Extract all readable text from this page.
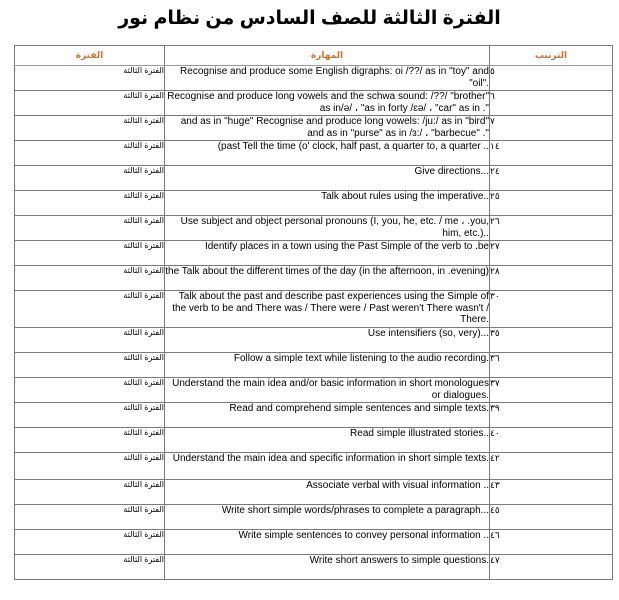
الفترة الثالثة للصف السادس من نظام نور
الفترة	المهارة	الترتيب
الفترة الثالثة	Recognise and produce some English digraphs: oi /??/ as in "toy" and "oil".	٥
الفترة الثالثة	Recognise and produce long vowels and the schwa sound: /??/ "brother" as in/ə/ ، "as in forty /ɛə/ ، "car" as in ."	٦
الفترة الثالثة	and as in "huge" Recognise and produce long vowels: /ju:/ as in "bird" and as in "purse" as in /ɜ:/ ، "barbecue" ."	٧
الفترة الثالثة	(past Tell the time (o' clock, half past, a quarter to, a quarter ..	١٤
الفترة الثالثة	Give directions...	٢٤
الفترة الثالثة	Talk about rules using the imperative..	٢٥
الفترة الثالثة	Use subject and object personal pronouns (I, you, he, etc. / me ، .you, him, etc.)..	٢٦
الفترة الثالثة	Identify places in a town using the Past Simple of the verb to .be	٢٧
الفترة الثالثة	the Talk about the different times of the day (in the afternoon, in .evening)	٢٨
الفترة الثالثة	Talk about the past and describe past experiences using the Simple of the verb to be and There was / There were / Past weren't There wasn't / There.	٣٠
الفترة الثالثة	Use intensifiers (so, very)...	٣٥
الفترة الثالثة	Follow a simple text while listening to the audio recording.	٣٦
الفترة الثالثة	Understand the main idea and/or basic information in short monologues or dialogues.	٣٧
الفترة الثالثة	Read and comprehend simple sentences and simple texts.	٣٩
الفترة الثالثة	Read simple illustrated stories..	٤٠
الفترة الثالثة	Understand the main idea and specific information in short simple texts.	٤٢
الفترة الثالثة	Associate verbal with visual information ..	٤٣
الفترة الثالثة	Write short simple words/phrases to complete a paragraph...	٤٥
الفترة الثالثة	Write simple sentences to convey personal information ..	٤٦
الفترة الثالثة	Write short answers to simple questions.	٤٧
